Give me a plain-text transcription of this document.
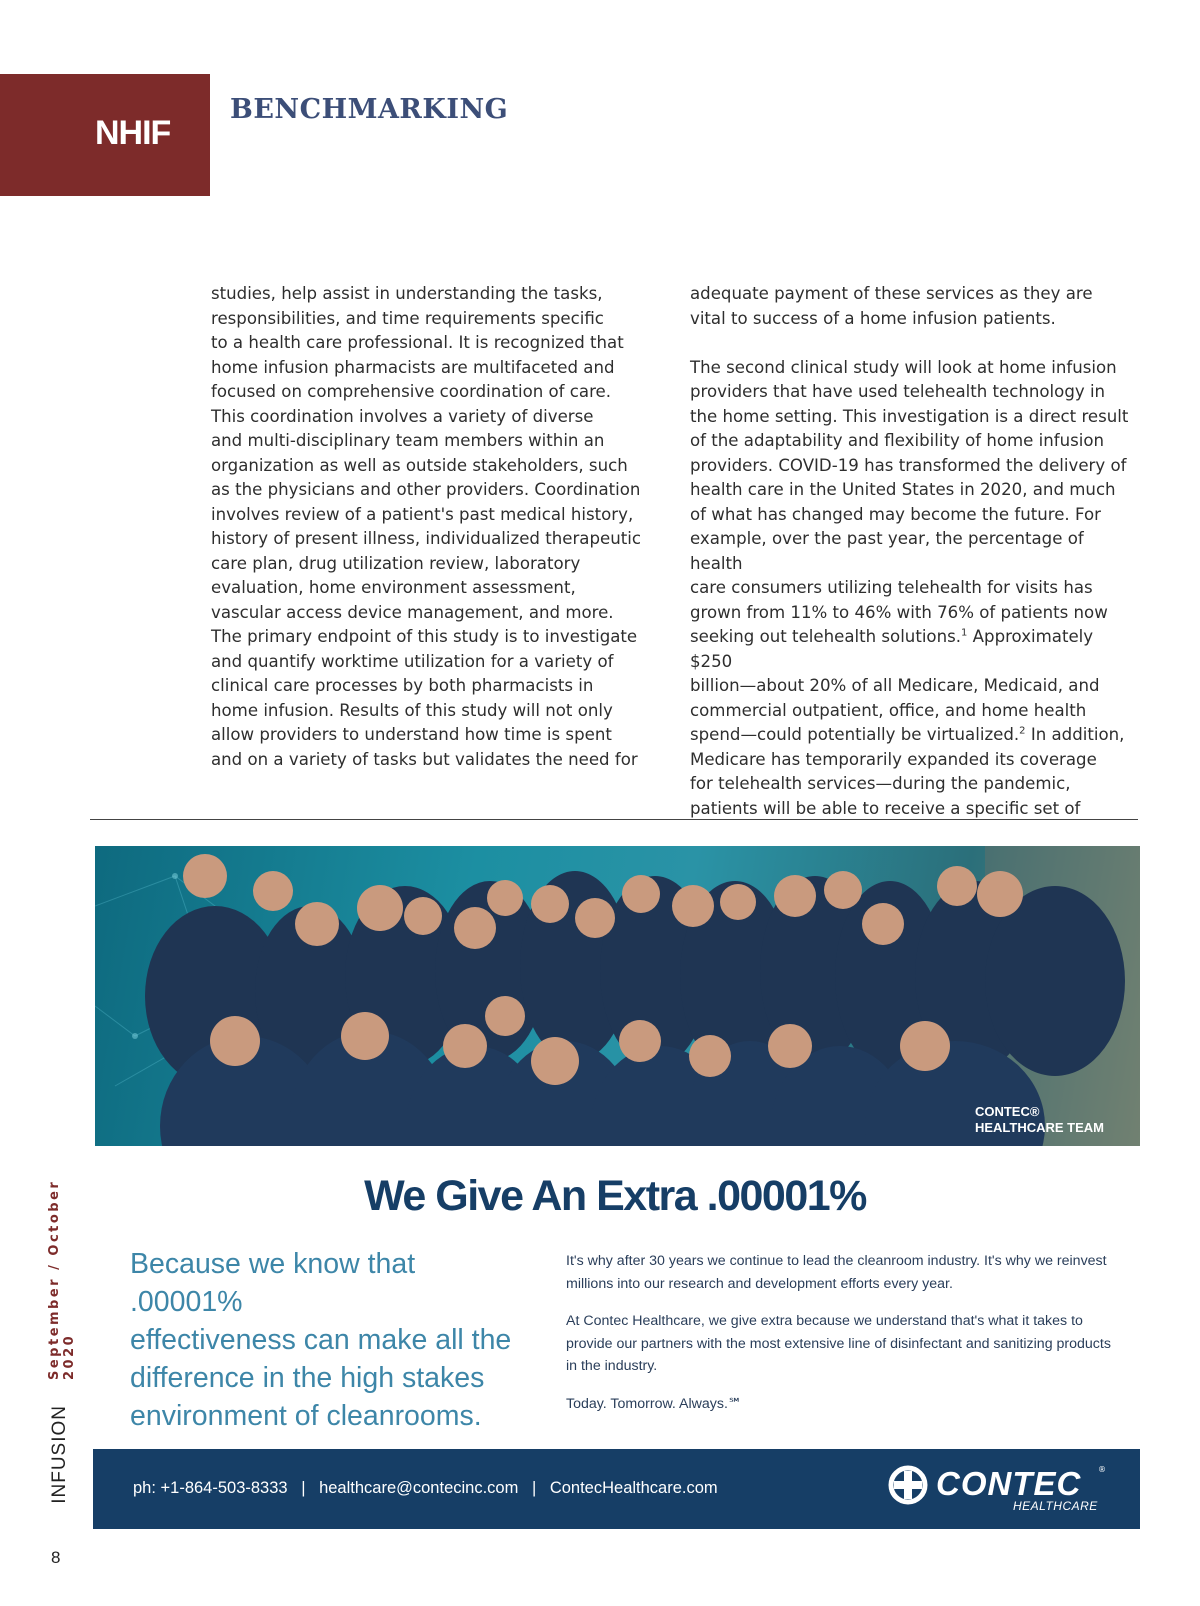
NHIF
BENCHMARKING

studies, help assist in understanding the tasks,
responsibilities, and time requirements specific
to a health care professional. It is recognized that
home infusion pharmacists are multifaceted and
focused on comprehensive coordination of care.
This coordination involves a variety of diverse
and multi-disciplinary team members within an
organization as well as outside stakeholders, such
as the physicians and other providers. Coordination
involves review of a patient's past medical history,
history of present illness, individualized therapeutic
care plan, drug utilization review, laboratory
evaluation, home environment assessment,
vascular access device management, and more.
The primary endpoint of this study is to investigate
and quantify worktime utilization for a variety of
clinical care processes by both pharmacists in
home infusion. Results of this study will not only
allow providers to understand how time is spent
and on a variety of tasks but validates the need for

adequate payment of these services as they are
vital to success of a home infusion patients.

The second clinical study will look at home infusion
providers that have used telehealth technology in
the home setting. This investigation is a direct result
of the adaptability and flexibility of home infusion
providers. COVID-19 has transformed the delivery of
health care in the United States in 2020, and much
of what has changed may become the future. For
example, over the past year, the percentage of health
care consumers utilizing telehealth for visits has
grown from 11% to 46% with 76% of patients now
seeking out telehealth solutions.$^1$ Approximately $250
billion—about 20% of all Medicare, Medicaid, and
commercial outpatient, office, and home health
spend—could potentially be virtualized.$^2$ In addition,
Medicare has temporarily expanded its coverage
for telehealth services—during the pandemic,
patients will be able to receive a specific set of

CONTEC®
HEALTHCARE TEAM
We Give An Extra .00001%
Because we know that .00001%
effectiveness can make all the
difference in the high stakes
environment of cleanrooms.

It's why after 30 years we continue to lead the cleanroom industry. It's why we reinvest
millions into our research and development efforts every year.

At Contec Healthcare, we give extra because we understand that's what it takes to
provide our partners with the most extensive line of disinfectant and sanitizing products
in the industry.

Today. Tomorrow. Always.℠

ph: +1-864-503-8333 | healthcare@contecinc.com | ContecHealthcare.com	CONTEC ®
HEALTHCARE
September / October 2020
INFUSION
8
